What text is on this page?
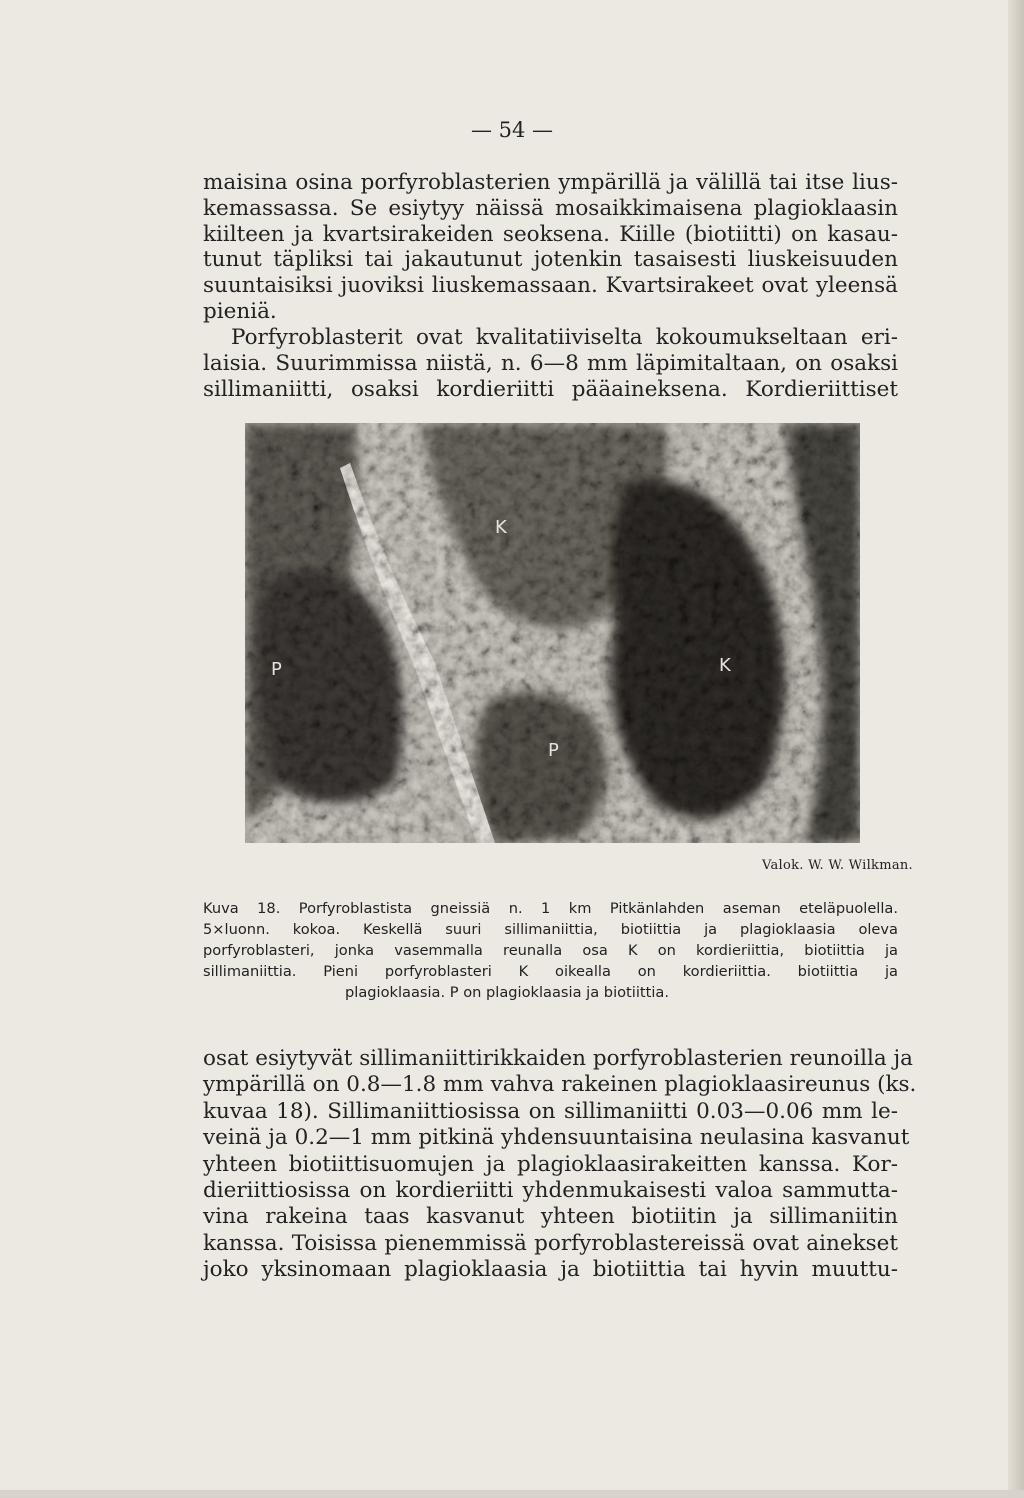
— 54 —

maisina osina porfyroblasterien ympärillä ja välillä tai itse lius-
kemassassa. Se esiytyy näissä mosaikkimaisena plagioklaasin
kiilteen ja kvartsirakeiden seoksena. Kiille (biotiitti) on kasau-
tunut täpliksi tai jakautunut jotenkin tasaisesti liuskeisuuden
suuntaisiksi juoviksi liuskemassaan. Kvartsirakeet ovat yleensä
pieniä.

Porfyroblasterit ovat kvalitatiiviselta kokoumukseltaan eri-
laisia. Suurimmissa niistä, n. 6—8 mm läpimitaltaan, on osaksi
sillimaniitti, osaksi kordieriitti pääaineksena. Kordieriittiset

K
P	K
P
Valok. W. W. Wilkman.

Kuva 18. Porfyroblastista gneissiä n. 1 km Pitkänlahden aseman eteläpuolella.
5×luonn. kokoa. Keskellä suuri sillimaniittia, biotiittia ja plagioklaasia oleva
porfyroblasteri, jonka vasemmalla reunalla osa K on kordieriittia, biotiittia ja
sillimaniittia. Pieni porfyroblasteri K oikealla on kordieriittia. biotiittia ja
plagioklaasia. P on plagioklaasia ja biotiittia.

osat esiytyvät sillimaniittirikkaiden porfyroblasterien reunoilla ja
ympärillä on 0.8—1.8 mm vahva rakeinen plagioklaasireunus (ks.
kuvaa 18). Sillimaniittiosissa on sillimaniitti 0.03—0.06 mm le-
veinä ja 0.2—1 mm pitkinä yhdensuuntaisina neulasina kasvanut
yhteen biotiittisuomujen ja plagioklaasirakeitten kanssa. Kor-
dieriittiosissa on kordieriitti yhdenmukaisesti valoa sammutta-
vina rakeina taas kasvanut yhteen biotiitin ja sillimaniitin
kanssa. Toisissa pienemmissä porfyroblastereissä ovat ainekset
joko yksinomaan plagioklaasia ja biotiittia tai hyvin muuttu-
